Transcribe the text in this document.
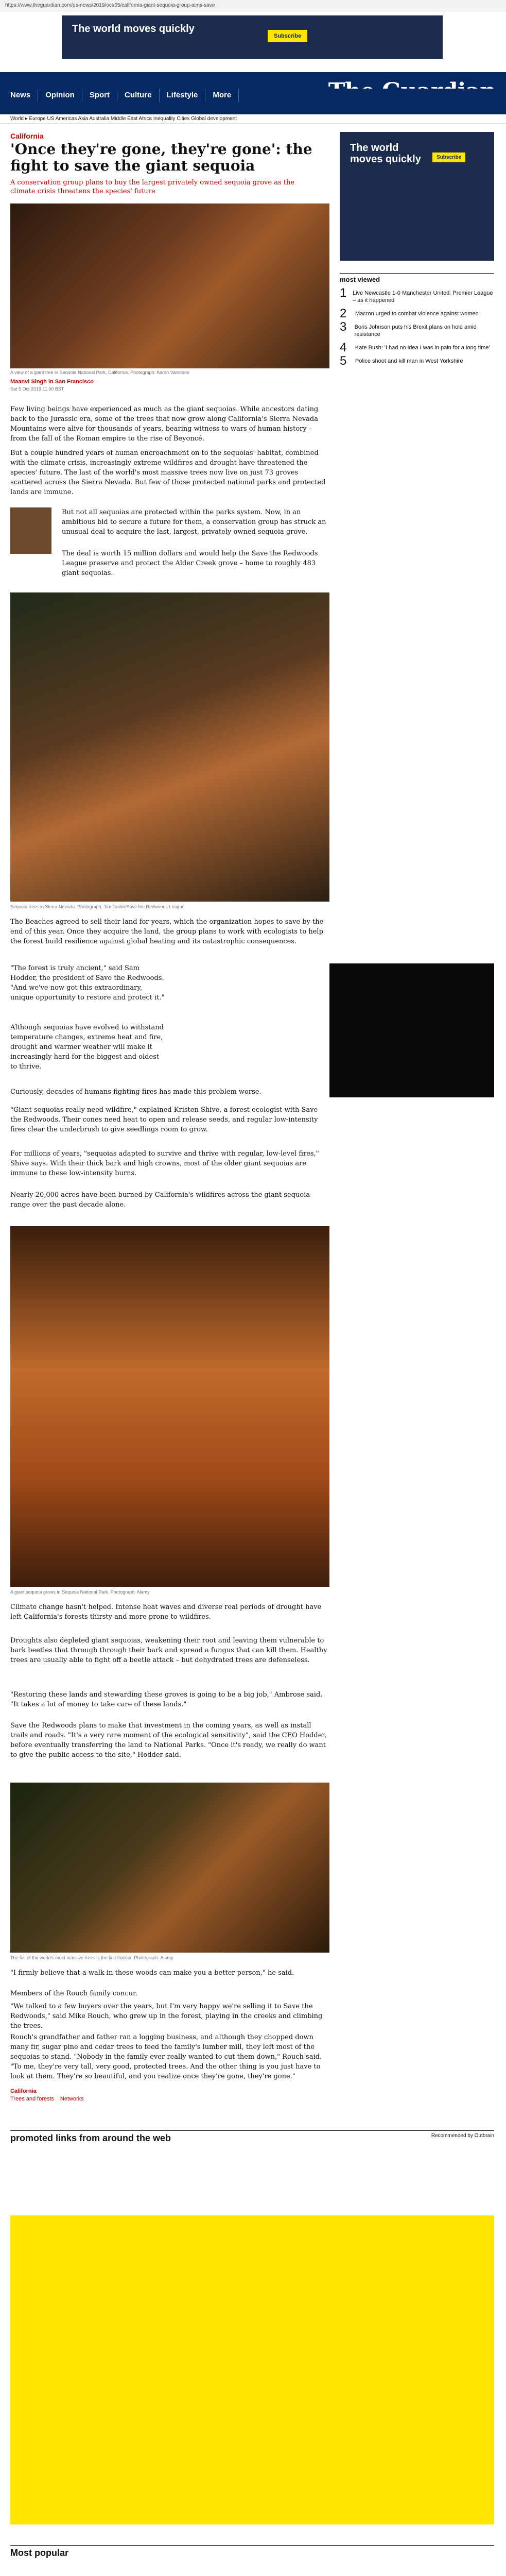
https://www.theguardian.com/us-news/2019/oct/05/california-giant-sequoia-group-aims-save
The world moves quickly
Subscribe
News	Opinion	Sport	Culture	Lifestyle	More
World ▸ Europe US Americas Asia Australia Middle East Africa Inequality Cities Global development
California
'Once they're gone, they're gone': the fight to save the giant sequoia
A conservation group plans to buy the largest privately owned sequoia grove as the climate crisis threatens the species' future
A view of a giant tree in Sequoia National Park, California. Photograph: Aaron Vanstone
Maanvi Singh in San Francisco
Sat 5 Oct 2019 11.00 BST
Few living beings have experienced as much as the giant sequoias. While ancestors dating back to the Jurassic era, some of the trees that now grow along California's Sierra Nevada Mountains were alive for thousands of years, bearing witness to wars of human history – from the fall of the Roman empire to the rise of Beyoncé.
But a couple hundred years of human encroachment on to the sequoias' habitat, combined with the climate crisis, increasingly extreme wildfires and drought have threatened the species' future. The last of the world's most massive trees now live on just 73 groves scattered across the Sierra Nevada. But few of those protected national parks and protected lands are immune.
But not all sequoias are protected within the parks system. Now, in an ambitious bid to secure a future for them, a conservation group has struck an unusual deal to acquire the last, largest, privately owned sequoia grove.
The deal is worth 15 million dollars and would help the Save the Redwoods League preserve and protect the Alder Creek grove – home to roughly 483 giant sequoias.
Sequoia trees in Sierra Nevada. Photograph: Tim Tardio/Save the Redwoods League
The Beaches agreed to sell their land for years, which the organization hopes to save by the end of this year. Once they acquire the land, the group plans to work with ecologists to help the forest build resilience against global heating and its catastrophic consequences.
"The forest is truly ancient," said Sam Hodder, the president of Save the Redwoods. "And we've now got this extraordinary, unique opportunity to restore and protect it."
Although sequoias have evolved to withstand temperature changes, extreme heat and fire, drought and warmer weather will make it increasingly hard for the biggest and oldest to thrive.
Curiously, decades of humans fighting fires has made this problem worse.
"Giant sequoias really need wildfire," explained Kristen Shive, a forest ecologist with Save the Redwoods. Their cones need heat to open and release seeds, and regular low-intensity fires clear the underbrush to give seedlings room to grow.
For millions of years, "sequoias adapted to survive and thrive with regular, low-level fires," Shive says. With their thick bark and high crowns, most of the older giant sequoias are immune to these low-intensity burns.
Nearly 20,000 acres have been burned by California's wildfires across the giant sequoia range over the past decade alone.
A giant sequoia grows in Sequoia National Park. Photograph: Alamy
Climate change hasn't helped. Intense heat waves and diverse real periods of drought have left California's forests thirsty and more prone to wildfires.
Droughts also depleted giant sequoias, weakening their root and leaving them vulnerable to bark beetles that through through their bark and spread a fungus that can kill them. Healthy trees are usually able to fight off a beetle attack – but dehydrated trees are defenseless.
"Restoring these lands and stewarding these groves is going to be a big job," Ambrose said. "It takes a lot of money to take care of these lands."
Save the Redwoods plans to make that investment in the coming years, as well as install trails and roads. "It's a very rare moment of the ecological sensitivity", said the CEO Hodder, before eventually transferring the land to National Parks. "Once it's ready, we really do want to give the public access to the site," Hodder said.
The fall of the world's most massive trees is the last frontier. Photograph: Alamy
"I firmly believe that a walk in these woods can make you a better person," he said.
Members of the Rouch family concur.
"We talked to a few buyers over the years, but I'm very happy we're selling it to Save the Redwoods," said Mike Rouch, who grew up in the forest, playing in the creeks and climbing the trees.
Rouch's grandfather and father ran a logging business, and although they chopped down many fir, sugar pine and cedar trees to feed the family's lumber mill, they left most of the sequoias to stand. "Nobody in the family ever really wanted to cut them down," Rouch said. "To me, they're very tall, very good, protected trees. And the other thing is you just have to look at them. They're so beautiful, and you realize once they're gone, they're gone."
California
Trees and forests Networks
The world moves quickly	Subscribe
most viewed
1	Live Newcastle 1-0 Manchester United: Premier League – as it happened
2	Macron urged to combat violence against women
3	Boris Johnson puts his Brexit plans on hold amid resistance
4	Kate Bush: 'I had no idea I was in pain for a long time'
5	Police shoot and kill man in West Yorkshire
promoted links from around the web	Recommended by Outbrain
Most popular
